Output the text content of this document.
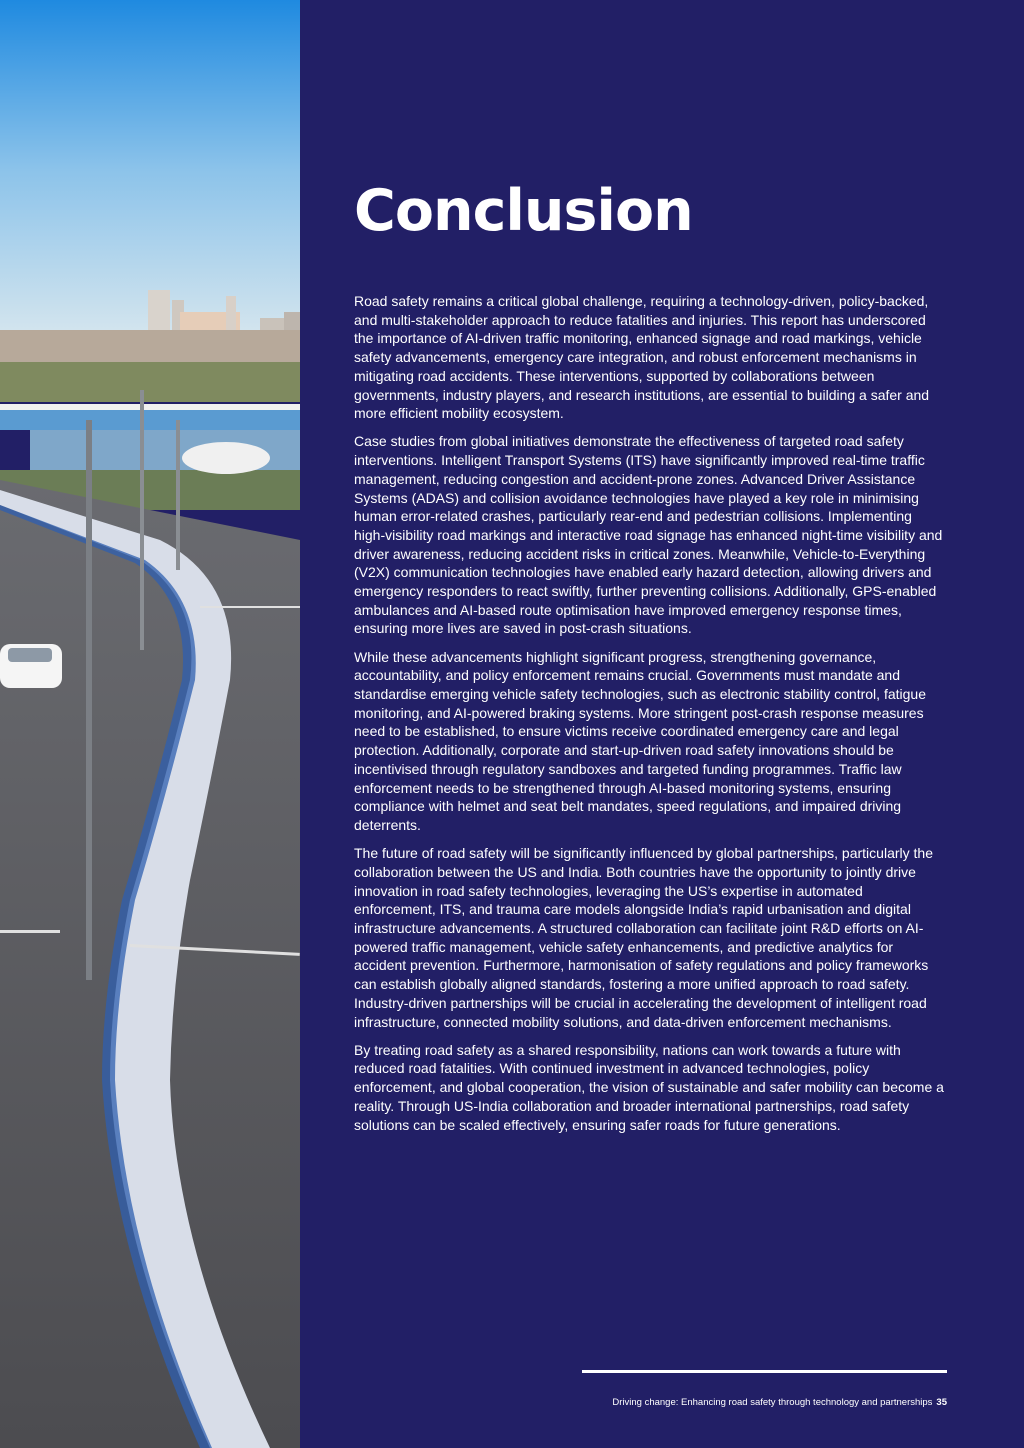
Conclusion

Road safety remains a critical global challenge, requiring a technology-driven, policy-backed, and multi-stakeholder approach to reduce fatalities and injuries. This report has underscored the importance of AI-driven traffic monitoring, enhanced signage and road markings, vehicle safety advancements, emergency care integration, and robust enforcement mechanisms in mitigating road accidents. These interventions, supported by collaborations between governments, industry players, and research institutions, are essential to building a safer and more efficient mobility ecosystem.

Case studies from global initiatives demonstrate the effectiveness of targeted road safety interventions. Intelligent Transport Systems (ITS) have significantly improved real-time traffic management, reducing congestion and accident-prone zones. Advanced Driver Assistance Systems (ADAS) and collision avoidance technologies have played a key role in minimising human error-related crashes, particularly rear-end and pedestrian collisions. Implementing high-visibility road markings and interactive road signage has enhanced night-time visibility and driver awareness, reducing accident risks in critical zones. Meanwhile, Vehicle-to-Everything (V2X) communication technologies have enabled early hazard detection, allowing drivers and emergency responders to react swiftly, further preventing collisions. Additionally, GPS-enabled ambulances and AI-based route optimisation have improved emergency response times, ensuring more lives are saved in post-crash situations.

While these advancements highlight significant progress, strengthening governance, accountability, and policy enforcement remains crucial. Governments must mandate and standardise emerging vehicle safety technologies, such as electronic stability control, fatigue monitoring, and AI-powered braking systems. More stringent post-crash response measures need to be established, to ensure victims receive coordinated emergency care and legal protection. Additionally, corporate and start-up-driven road safety innovations should be incentivised through regulatory sandboxes and targeted funding programmes. Traffic law enforcement needs to be strengthened through AI-based monitoring systems, ensuring compliance with helmet and seat belt mandates, speed regulations, and impaired driving deterrents.

The future of road safety will be significantly influenced by global partnerships, particularly the collaboration between the US and India. Both countries have the opportunity to jointly drive innovation in road safety technologies, leveraging the US’s expertise in automated enforcement, ITS, and trauma care models alongside India’s rapid urbanisation and digital infrastructure advancements. A structured collaboration can facilitate joint R&D efforts on AI-powered traffic management, vehicle safety enhancements, and predictive analytics for accident prevention. Furthermore, harmonisation of safety regulations and policy frameworks can establish globally aligned standards, fostering a more unified approach to road safety. Industry-driven partnerships will be crucial in accelerating the development of intelligent road infrastructure, connected mobility solutions, and data-driven enforcement mechanisms.

By treating road safety as a shared responsibility, nations can work towards a future with reduced road fatalities. With continued investment in advanced technologies, policy enforcement, and global cooperation, the vision of sustainable and safer mobility can become a reality. Through US-India collaboration and broader international partnerships, road safety solutions can be scaled effectively, ensuring safer roads for future generations.

Driving change: Enhancing road safety through technology and partnerships 35
